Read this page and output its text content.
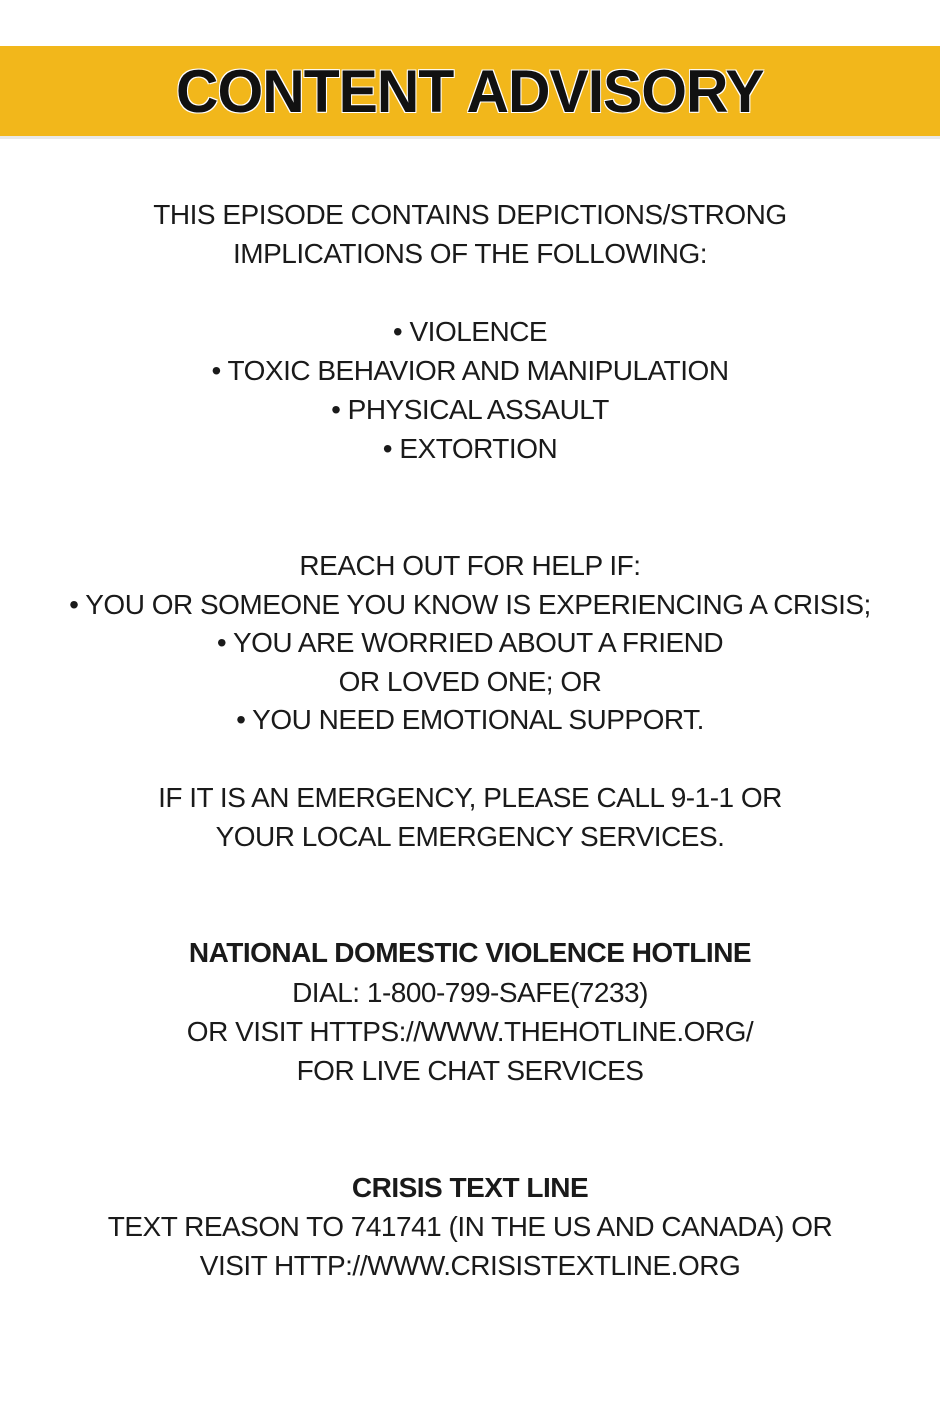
CONTENT ADVISORY
THIS EPISODE CONTAINS DEPICTIONS/STRONG
IMPLICATIONS OF THE FOLLOWING:
• VIOLENCE
• TOXIC BEHAVIOR AND MANIPULATION
• PHYSICAL ASSAULT
• EXTORTION
REACH OUT FOR HELP IF:
• YOU OR SOMEONE YOU KNOW IS EXPERIENCING A CRISIS;
• YOU ARE WORRIED ABOUT A FRIEND
OR LOVED ONE; OR
• YOU NEED EMOTIONAL SUPPORT.
IF IT IS AN EMERGENCY, PLEASE CALL 9-1-1 OR
YOUR LOCAL EMERGENCY SERVICES.
NATIONAL DOMESTIC VIOLENCE HOTLINE
DIAL: 1-800-799-SAFE(7233)
OR VISIT HTTPS://WWW.THEHOTLINE.ORG/
FOR LIVE CHAT SERVICES
CRISIS TEXT LINE
TEXT REASON TO 741741 (IN THE US AND CANADA) OR
VISIT HTTP://WWW.CRISISTEXTLINE.ORG
